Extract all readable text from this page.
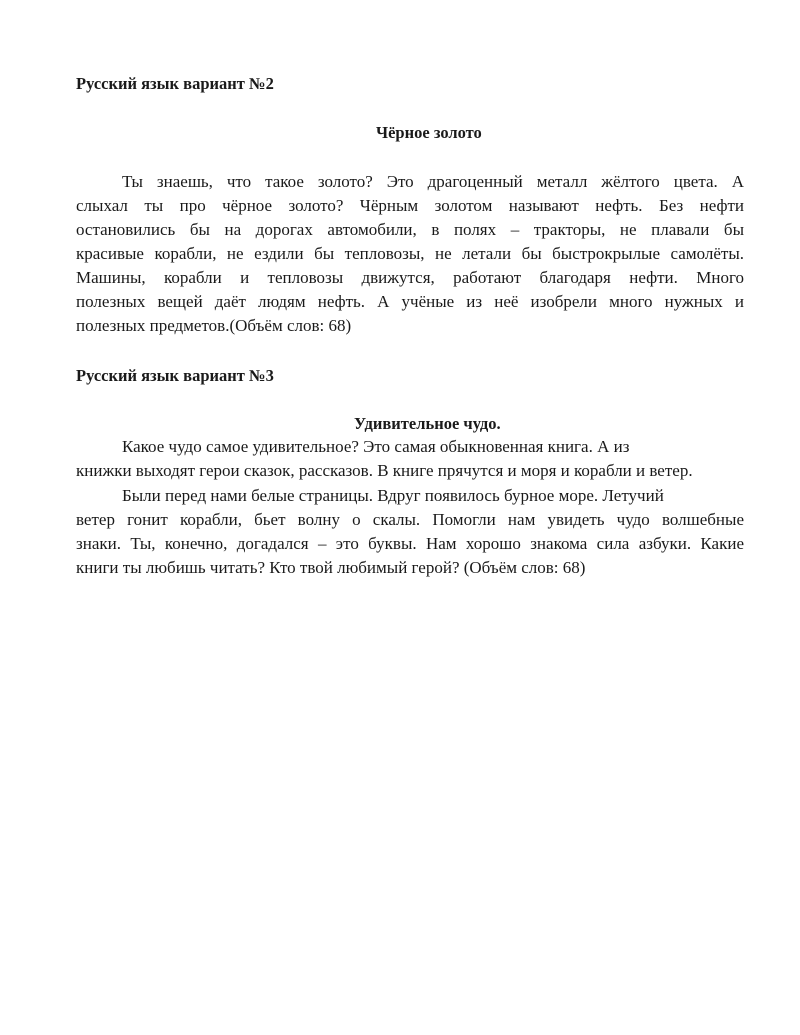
Русский язык вариант №2
Чёрное золото
Ты знаешь, что такое золото? Это драгоценный металл жёлтого цвета. А
слыхал ты про чёрное золото? Чёрным золотом называют нефть. Без нефти
остановились бы на дорогах автомобили, в полях – тракторы, не плавали бы
красивые корабли, не ездили бы тепловозы, не летали бы быстрокрылые самолёты.
Машины, корабли и тепловозы движутся, работают благодаря нефти. Много
полезных вещей даёт людям нефть. А учёные из неё изобрели много нужных и
полезных предметов.(Объём слов: 68)
Русский язык вариант №3
Удивительное чудо.
Какое чудо самое удивительное? Это самая обыкновенная книга. А из
книжки выходят герои сказок, рассказов. В книге прячутся и моря и корабли и ветер.
Были перед нами белые страницы. Вдруг появилось бурное море. Летучий
ветер гонит корабли, бьет волну о скалы. Помогли нам увидеть чудо волшебные
знаки. Ты, конечно, догадался – это буквы. Нам хорошо знакома сила азбуки. Какие
книги ты любишь читать? Кто твой любимый герой? (Объём слов: 68)
